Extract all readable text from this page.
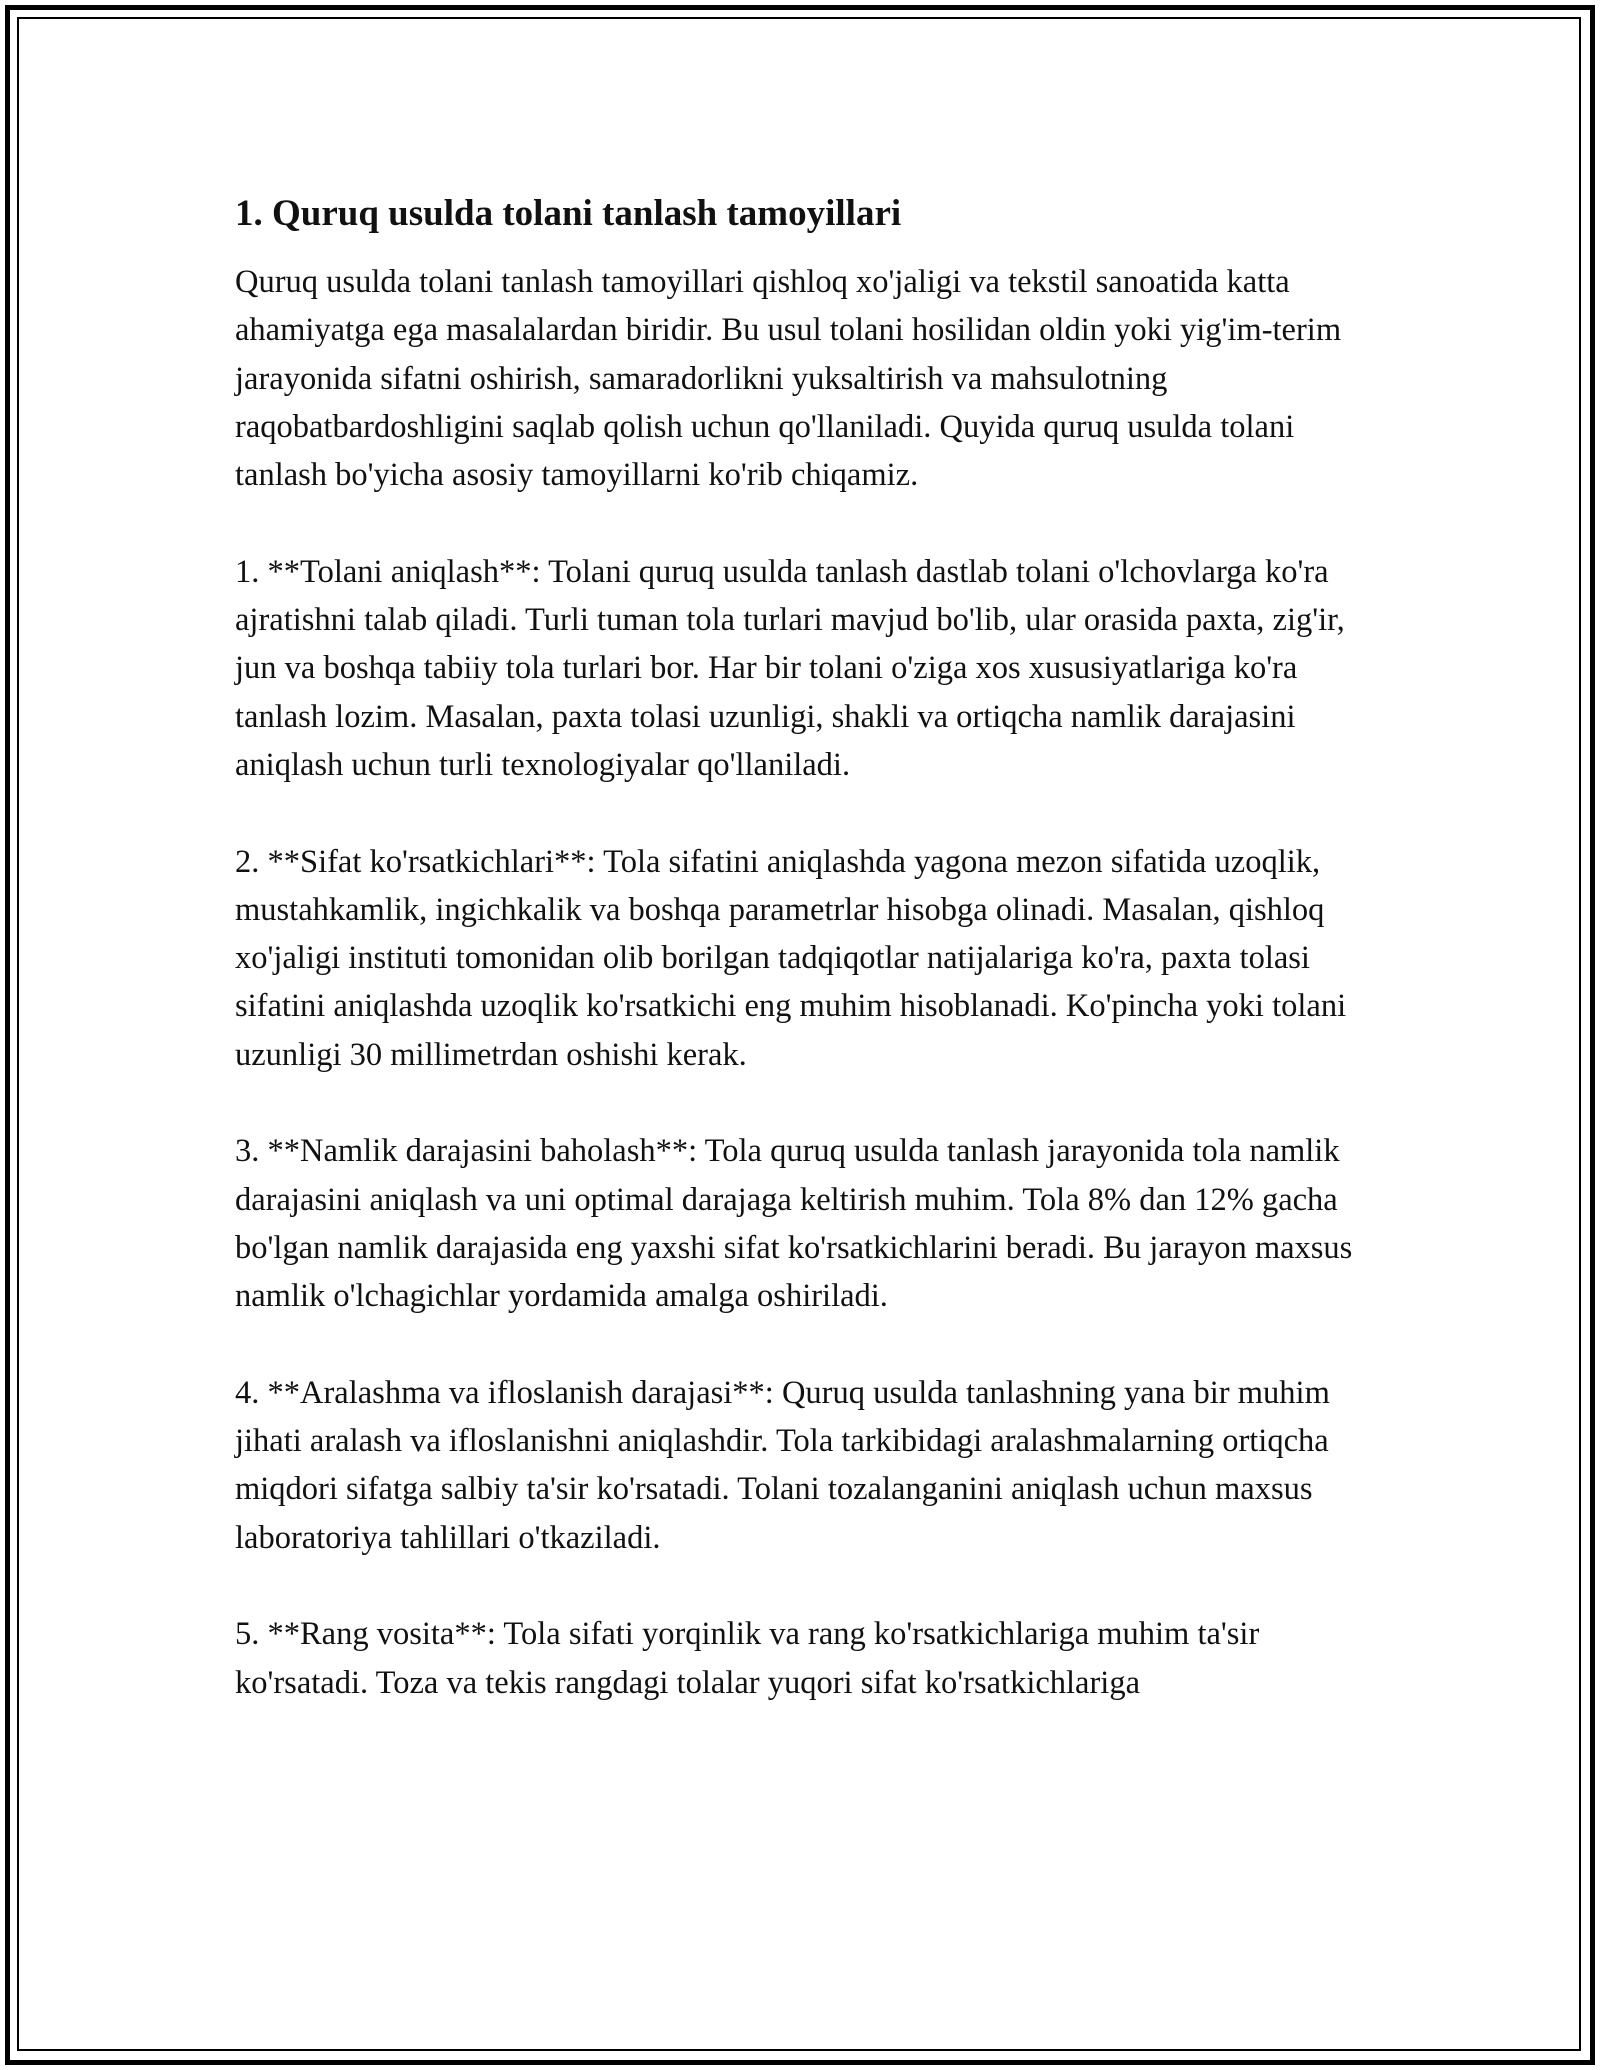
1. Quruq usulda tolani tanlash tamoyillari

Quruq usulda tolani tanlash tamoyillari qishloq xo'jaligi va tekstil sanoatida katta ahamiyatga ega masalalardan biridir. Bu usul tolani hosilidan oldin yoki yig'im-terim jarayonida sifatni oshirish, samaradorlikni yuksaltirish va mahsulotning raqobatbardoshligini saqlab qolish uchun qo'llaniladi. Quyida quruq usulda tolani tanlash bo'yicha asosiy tamoyillarni ko'rib chiqamiz.

1. **Tolani aniqlash**: Tolani quruq usulda tanlash dastlab tolani o'lchovlarga ko'ra ajratishni talab qiladi. Turli tuman tola turlari mavjud bo'lib, ular orasida paxta, zig'ir, jun va boshqa tabiiy tola turlari bor. Har bir tolani o'ziga xos xususiyatlariga ko'ra tanlash lozim. Masalan, paxta tolasi uzunligi, shakli va ortiqcha namlik darajasini aniqlash uchun turli texnologiyalar qo'llaniladi.

2. **Sifat ko'rsatkichlari**: Tola sifatini aniqlashda yagona mezon sifatida uzoqlik, mustahkamlik, ingichkalik va boshqa parametrlar hisobga olinadi. Masalan, qishloq xo'jaligi instituti tomonidan olib borilgan tadqiqotlar natijalariga ko'ra, paxta tolasi sifatini aniqlashda uzoqlik ko'rsatkichi eng muhim hisoblanadi. Ko'pincha yoki tolani uzunligi 30 millimetrdan oshishi kerak.

3. **Namlik darajasini baholash**: Tola quruq usulda tanlash jarayonida tola namlik darajasini aniqlash va uni optimal darajaga keltirish muhim. Tola 8% dan 12% gacha bo'lgan namlik darajasida eng yaxshi sifat ko'rsatkichlarini beradi. Bu jarayon maxsus namlik o'lchagichlar yordamida amalga oshiriladi.

4. **Aralashma va ifloslanish darajasi**: Quruq usulda tanlashning yana bir muhim jihati aralash va ifloslanishni aniqlashdir. Tola tarkibidagi aralashmalarning ortiqcha miqdori sifatga salbiy ta'sir ko'rsatadi. Tolani tozalanganini aniqlash uchun maxsus laboratoriya tahlillari o'tkaziladi.

5. **Rang vosita**: Tola sifati yorqinlik va rang ko'rsatkichlariga muhim ta'sir ko'rsatadi. Toza va tekis rangdagi tolalar yuqori sifat ko'rsatkichlariga
